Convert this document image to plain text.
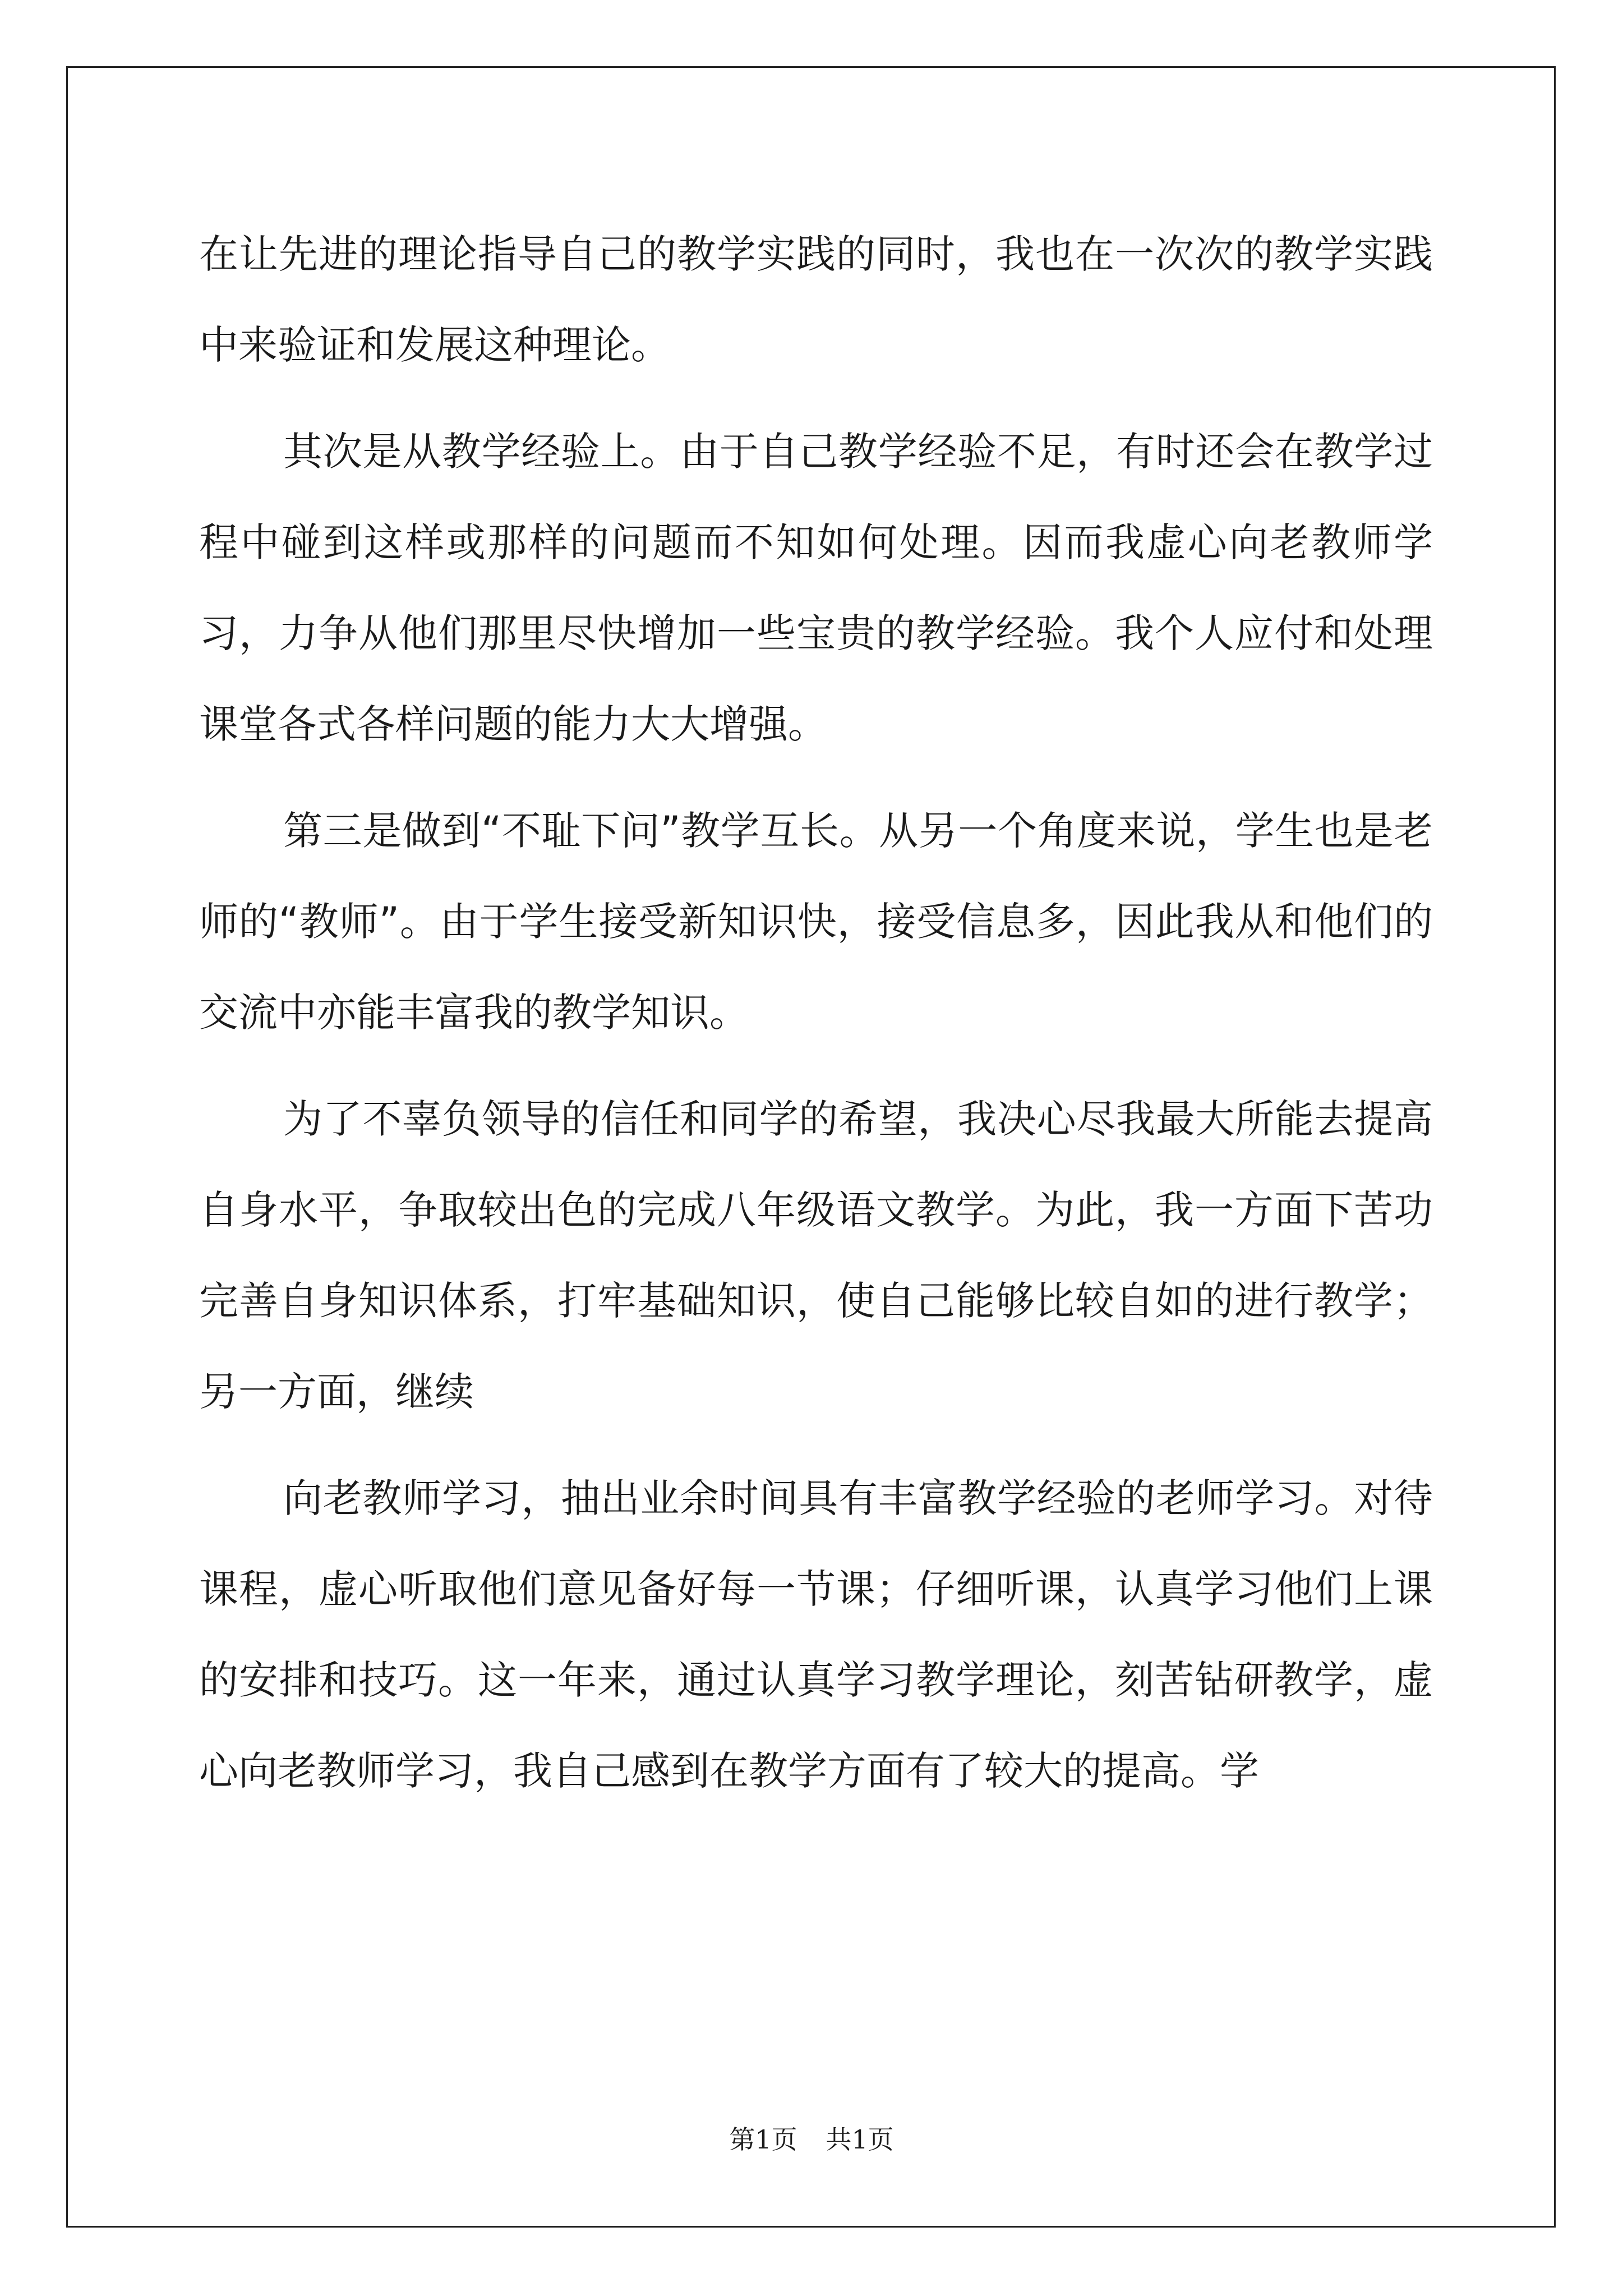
在让先进的理论指导自己的教学实践的同时，我也在一次次的教学实践中来验证和发展这种理论。

其次是从教学经验上。由于自己教学经验不足，有时还会在教学过程中碰到这样或那样的问题而不知如何处理。因而我虚心向老教师学习，力争从他们那里尽快增加一些宝贵的教学经验。我个人应付和处理课堂各式各样问题的能力大大增强。

第三是做到“不耻下问”教学互长。从另一个角度来说，学生也是老师的“教师”。由于学生接受新知识快，接受信息多，因此我从和他们的交流中亦能丰富我的教学知识。

为了不辜负领导的信任和同学的希望，我决心尽我最大所能去提高自身水平，争取较出色的完成八年级语文教学。为此，我一方面下苦功完善自身知识体系，打牢基础知识，使自己能够比较自如的进行教学；另一方面，继续

向老教师学习，抽出业余时间具有丰富教学经验的老师学习。对待课程，虚心听取他们意见备好每一节课；仔细听课，认真学习他们上课的安排和技巧。这一年来，通过认真学习教学理论，刻苦钻研教学，虚心向老教师学习，我自己感到在教学方面有了较大的提高。学

第1页 共1页
